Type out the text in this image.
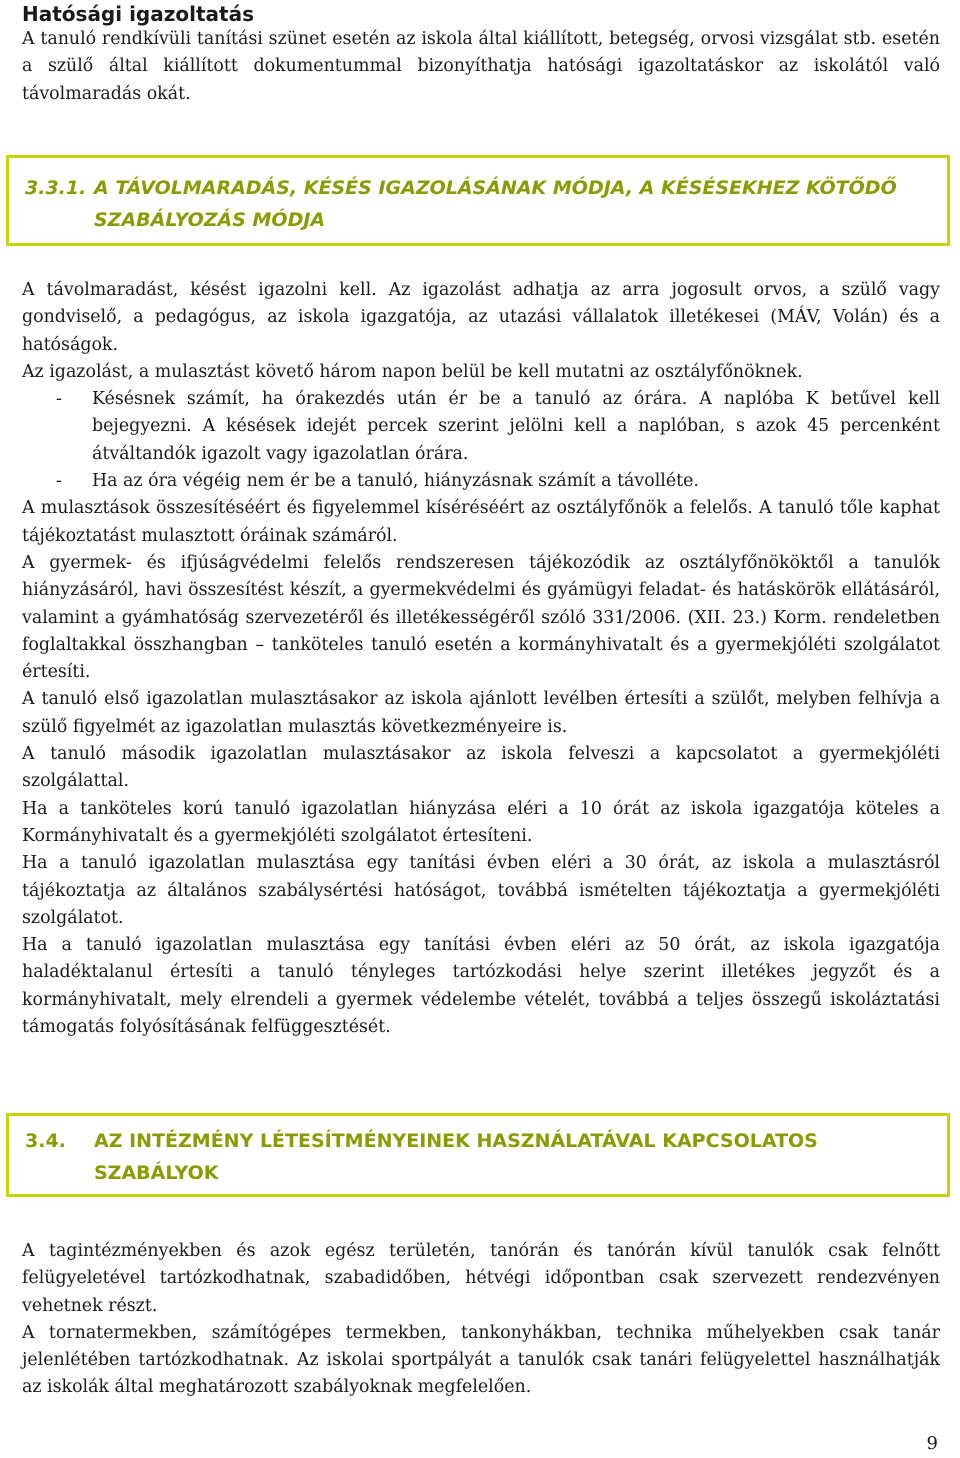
Hatósági igazoltatás

A tanuló rendkívüli tanítási szünet esetén az iskola által kiállított, betegség, orvosi vizsgálat stb. esetén a szülő által kiállított dokumentummal bizonyíthatja hatósági igazoltatáskor az iskolától való távolmaradás okát.

3.3.1. A TÁVOLMARADÁS, KÉSÉS IGAZOLÁSÁNAK MÓDJA, A KÉSÉSEKHEZ KÖTŐDŐ SZABÁLYOZÁS MÓDJA

A távolmaradást, késést igazolni kell. Az igazolást adhatja az arra jogosult orvos, a szülő vagy gondviselő, a pedagógus, az iskola igazgatója, az utazási vállalatok illetékesei (MÁV, Volán) és a hatóságok.

Az igazolást, a mulasztást követő három napon belül be kell mutatni az osztályfőnöknek.

- Késésnek számít, ha órakezdés után ér be a tanuló az órára. A naplóba K betűvel kell bejegyezni. A késések idejét percek szerint jelölni kell a naplóban, s azok 45 percenként átváltandók igazolt vagy igazolatlan órára.

- Ha az óra végéig nem ér be a tanuló, hiányzásnak számít a távolléte.

A mulasztások összesítéséért és figyelemmel kíséréséért az osztályfőnök a felelős. A tanuló tőle kaphat tájékoztatást mulasztott óráinak számáról.

A gyermek- és ifjúságvédelmi felelős rendszeresen tájékozódik az osztályfőnököktől a tanulók hiányzásáról, havi összesítést készít, a gyermekvédelmi és gyámügyi feladat- és hatáskörök ellátásáról, valamint a gyámhatóság szervezetéről és illetékességéről szóló 331/2006. (XII. 23.) Korm. rendeletben foglaltakkal összhangban – tanköteles tanuló esetén a kormányhivatalt és a gyermekjóléti szolgálatot értesíti.

A tanuló első igazolatlan mulasztásakor az iskola ajánlott levélben értesíti a szülőt, melyben felhívja a szülő figyelmét az igazolatlan mulasztás következményeire is.

A tanuló második igazolatlan mulasztásakor az iskola felveszi a kapcsolatot a gyermekjóléti szolgálattal.

Ha a tanköteles korú tanuló igazolatlan hiányzása eléri a 10 órát az iskola igazgatója köteles a Kormányhivatalt és a gyermekjóléti szolgálatot értesíteni.

Ha a tanuló igazolatlan mulasztása egy tanítási évben eléri a 30 órát, az iskola a mulasztásról tájékoztatja az általános szabálysértési hatóságot, továbbá ismételten tájékoztatja a gyermekjóléti szolgálatot.

Ha a tanuló igazolatlan mulasztása egy tanítási évben eléri az 50 órát, az iskola igazgatója haladéktalanul értesíti a tanuló tényleges tartózkodási helye szerint illetékes jegyzőt és a kormányhivatalt, mely elrendeli a gyermek védelembe vételét, továbbá a teljes összegű iskoláztatási támogatás folyósításának felfüggesztését.

3.4. AZ INTÉZMÉNY LÉTESÍTMÉNYEINEK HASZNÁLATÁVAL KAPCSOLATOS SZABÁLYOK

A tagintézményekben és azok egész területén, tanórán és tanórán kívül tanulók csak felnőtt felügyeletével tartózkodhatnak, szabadidőben, hétvégi időpontban csak szervezett rendezvényen vehetnek részt.

A tornatermekben, számítógépes termekben, tankonyhákban, technika műhelyekben csak tanár jelenlétében tartózkodhatnak. Az iskolai sportpályát a tanulók csak tanári felügyelettel használhatják az iskolák által meghatározott szabályoknak megfelelően.

9
